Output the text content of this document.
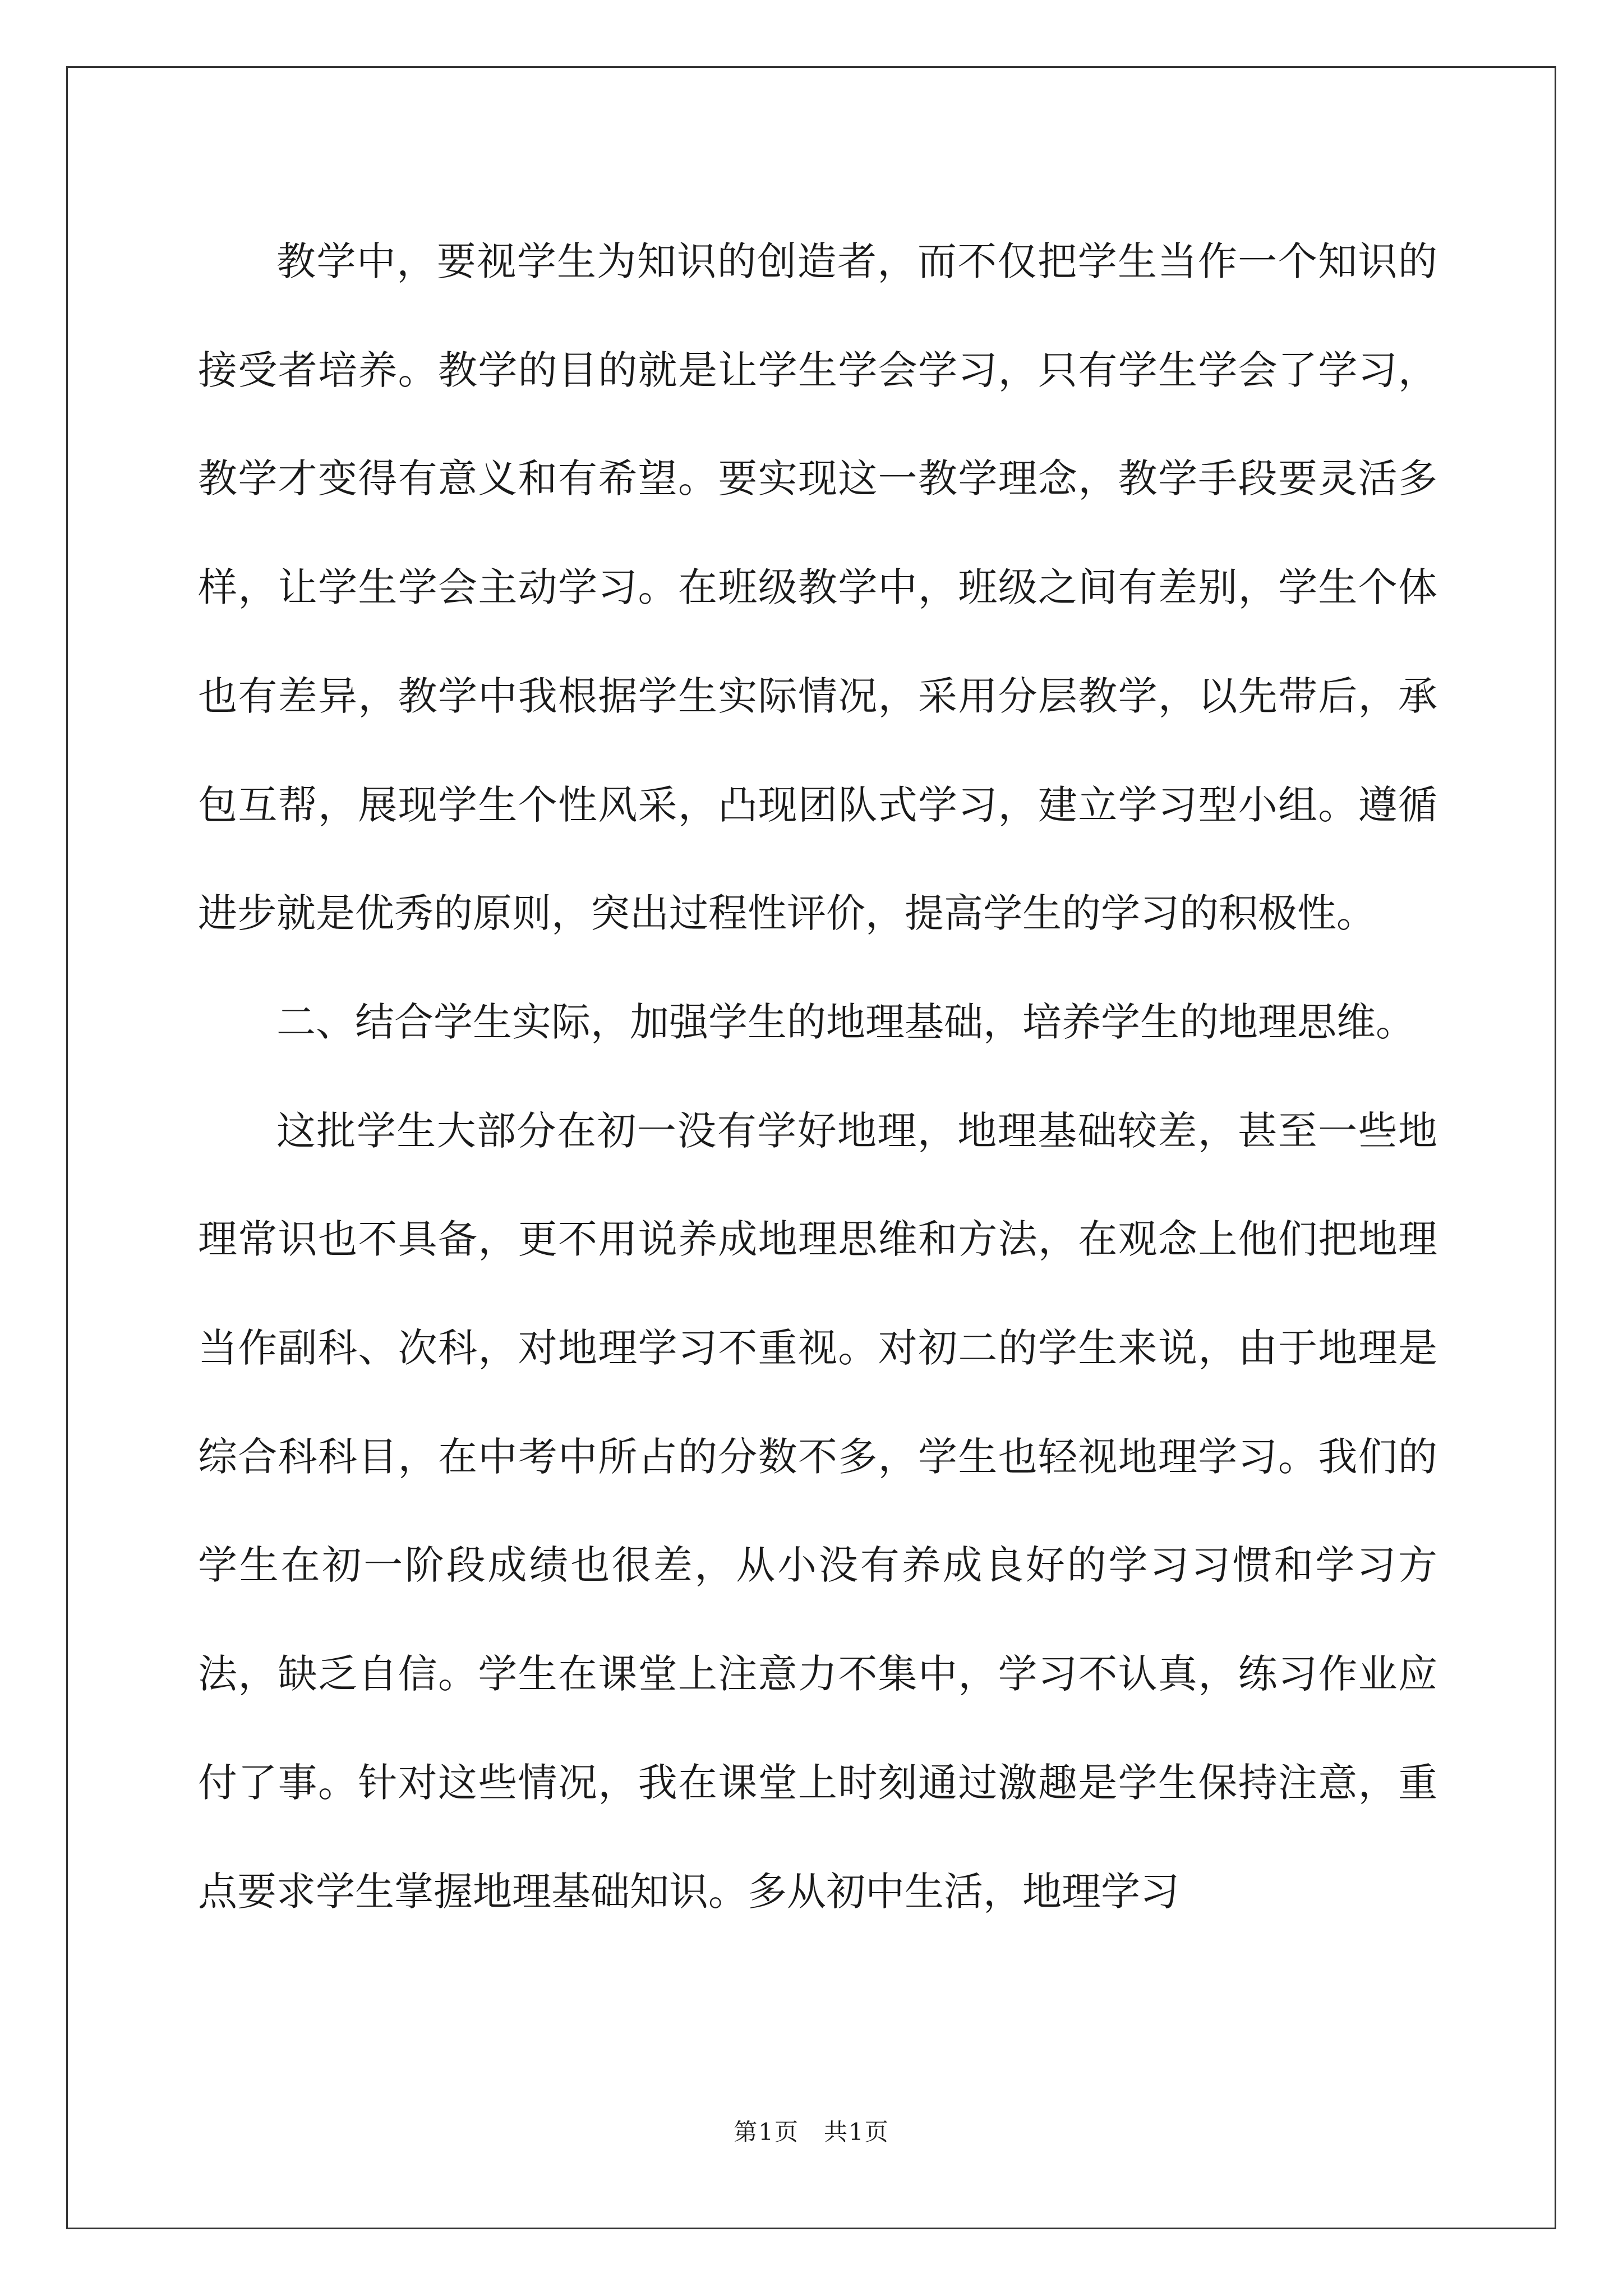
教学中，要视学生为知识的创造者，而不仅把学生当作一个知识的接受者培养。教学的目的就是让学生学会学习，只有学生学会了学习，教学才变得有意义和有希望。要实现这一教学理念，教学手段要灵活多样，让学生学会主动学习。在班级教学中，班级之间有差别，学生个体也有差异，教学中我根据学生实际情况，采用分层教学，以先带后，承包互帮，展现学生个性风采，凸现团队式学习，建立学习型小组。遵循进步就是优秀的原则，突出过程性评价，提高学生的学习的积极性。

二、结合学生实际，加强学生的地理基础，培养学生的地理思维。

这批学生大部分在初一没有学好地理，地理基础较差，甚至一些地理常识也不具备，更不用说养成地理思维和方法，在观念上他们把地理当作副科、次科，对地理学习不重视。对初二的学生来说，由于地理是综合科科目，在中考中所占的分数不多，学生也轻视地理学习。我们的学生在初一阶段成绩也很差，从小没有养成良好的学习习惯和学习方法，缺乏自信。学生在课堂上注意力不集中，学习不认真，练习作业应付了事。针对这些情况，我在课堂上时刻通过激趣是学生保持注意，重点要求学生掌握地理基础知识。多从初中生活，地理学习

第1页　共1页
